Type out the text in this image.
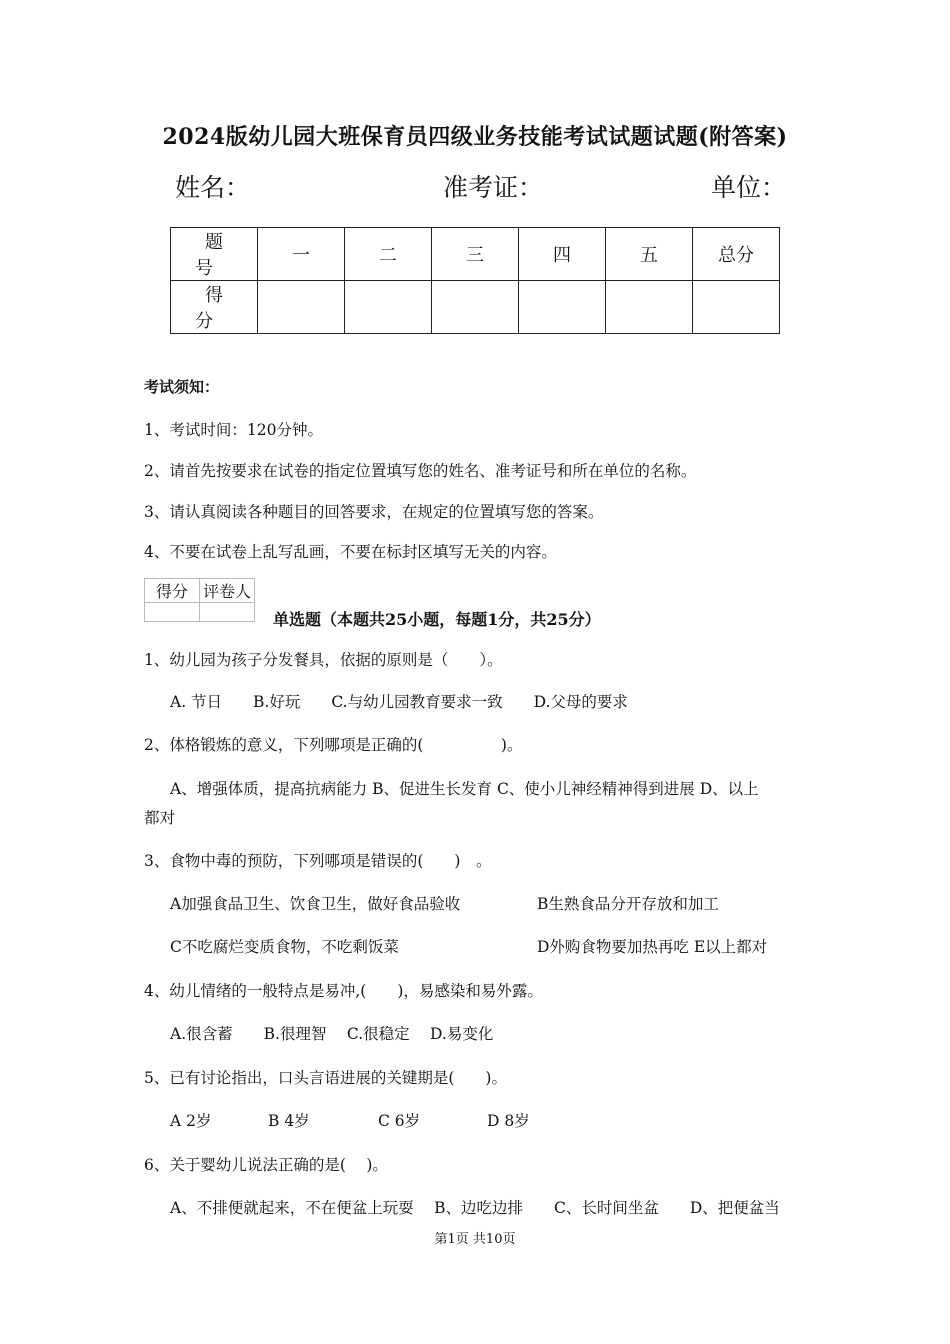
2024版幼儿园大班保育员四级业务技能考试试题试题(附答案)
姓名：	准考证：	单位：
题号	一	二	三	四	五	总分
得分						
考试须知：
1、考试时间：120分钟。
2、请首先按要求在试卷的指定位置填写您的姓名、准考证号和所在单位的名称。
3、请认真阅读各种题目的回答要求，在规定的位置填写您的答案。
4、不要在试卷上乱写乱画，不要在标封区填写无关的内容。
得分	评卷人

单选题（本题共25小题，每题1分，共25分）
1、幼儿园为孩子分发餐具，依据的原则是（　　）。
A. 节日　　B.好玩　　C.与幼儿园教育要求一致　　D.父母的要求
2、体格锻炼的意义，下列哪项是正确的(　　　　　)。
A、增强体质，提高抗病能力 B、促进生长发育 C、使小儿神经精神得到进展 D、以上
都对
3、食物中毒的预防，下列哪项是错误的(　　)　。
A加强食品卫生、饮食卫生，做好食品验收	B生熟食品分开存放和加工
C不吃腐烂变质食物，不吃剩饭菜	D外购食物要加热再吃 E以上都对
4、幼儿情绪的一般特点是易冲,(　　)，易感染和易外露。
A.很含蓄　　B.很理智　 C.很稳定　 D.易变化
5、已有讨论指出，口头言语进展的关键期是(　　)。
A 2岁	B 4岁	C 6岁	D 8岁
6、关于婴幼儿说法正确的是(　 )。
A、不排便就起来，不在便盆上玩耍　 B、边吃边排　　C、长时间坐盆　　D、把便盆当
第1页 共10页
